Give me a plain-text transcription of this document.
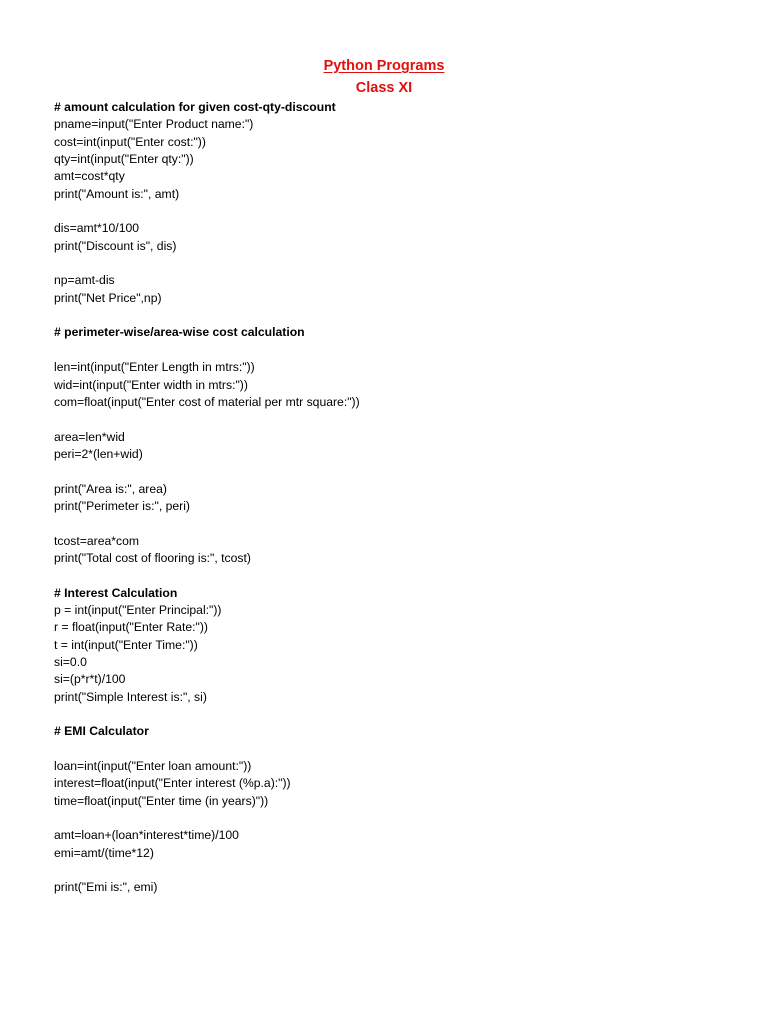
Python Programs
Class XI
# amount calculation for given cost-qty-discount
pname=input("Enter Product name:")
cost=int(input("Enter cost:"))
qty=int(input("Enter qty:"))
amt=cost*qty
print("Amount is:", amt)
dis=amt*10/100
print("Discount is", dis)
np=amt-dis
print("Net Price",np)
# perimeter-wise/area-wise cost calculation
len=int(input("Enter Length in mtrs:"))
wid=int(input("Enter width in mtrs:"))
com=float(input("Enter cost of material per mtr square:"))
area=len*wid
peri=2*(len+wid)
print("Area is:", area)
print("Perimeter is:", peri)
tcost=area*com
print("Total cost of flooring is:", tcost)
# Interest Calculation
p = int(input("Enter Principal:"))
r = float(input("Enter Rate:"))
t = int(input("Enter Time:"))
si=0.0
si=(p*r*t)/100
print("Simple Interest is:", si)
# EMI Calculator
loan=int(input("Enter loan amount:"))
interest=float(input("Enter interest (%p.a):"))
time=float(input("Enter time (in years)"))
amt=loan+(loan*interest*time)/100
emi=amt/(time*12)
print("Emi is:", emi)
